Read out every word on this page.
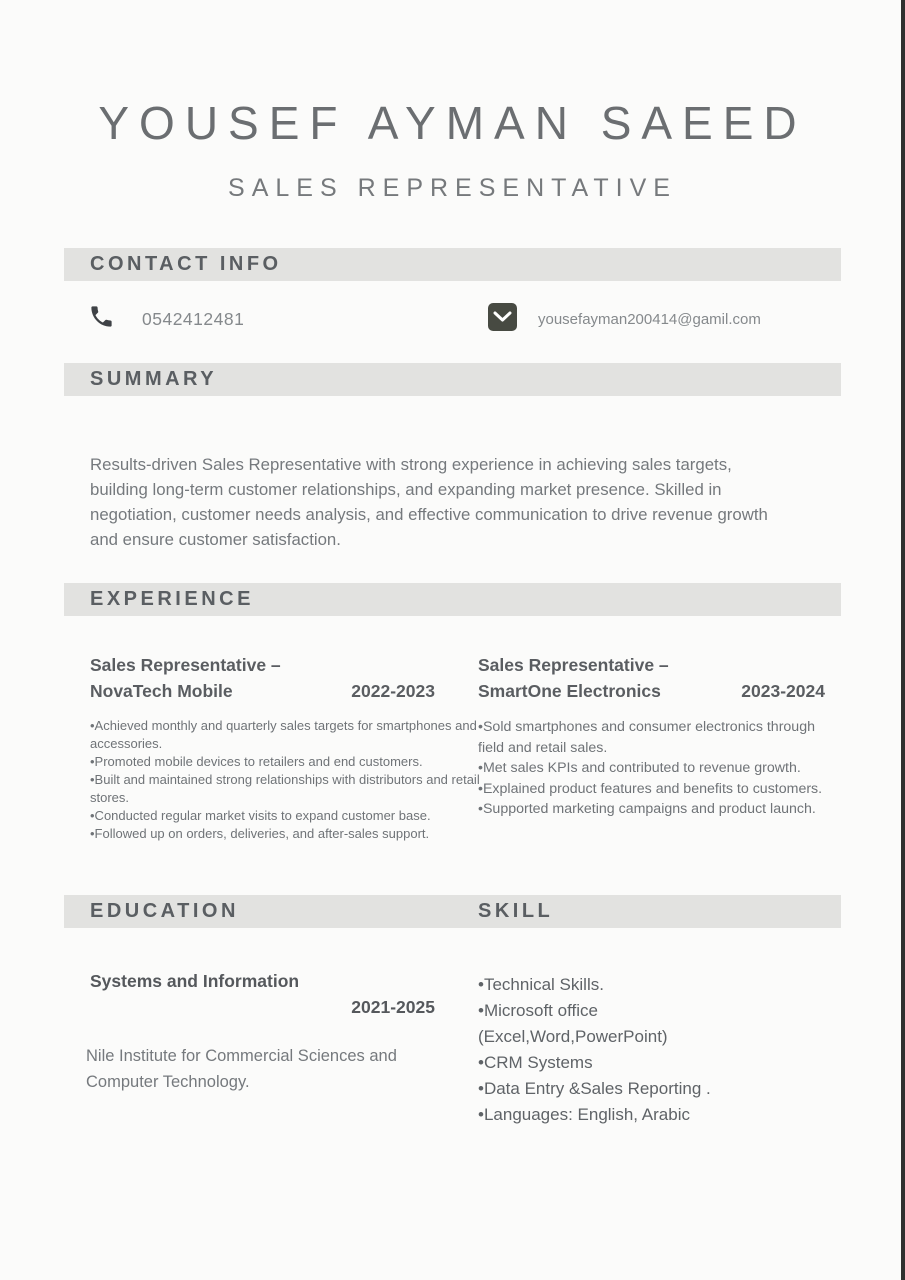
YOUSEF AYMAN SAEED
SALES REPRESENTATIVE
CONTACT INFO
0542412481	yousefayman200414@gamil.com
SUMMARY
Results-driven Sales Representative with strong experience in achieving sales targets, building long-term customer relationships, and expanding market presence. Skilled in negotiation, customer needs analysis, and effective communication to drive revenue growth and ensure customer satisfaction.
EXPERIENCE
Sales Representative –
NovaTech Mobile	2022-2023
•Achieved monthly and quarterly sales targets for smartphones and accessories.
•Promoted mobile devices to retailers and end customers.
•Built and maintained strong relationships with distributors and retail stores.
•Conducted regular market visits to expand customer base.
•Followed up on orders, deliveries, and after-sales support.
Sales Representative –
SmartOne Electronics	2023-2024
•Sold smartphones and consumer electronics through field and retail sales.
•Met sales KPIs and contributed to revenue growth.
•Explained product features and benefits to customers.
•Supported marketing campaigns and product launch.
EDUCATION	SKILL
Systems and Information
2021-2025
Nile Institute for Commercial Sciences and Computer Technology.
•Technical Skills.
•Microsoft office (Excel,Word,PowerPoint)
•CRM Systems
•Data Entry &Sales Reporting .
•Languages: English, Arabic
